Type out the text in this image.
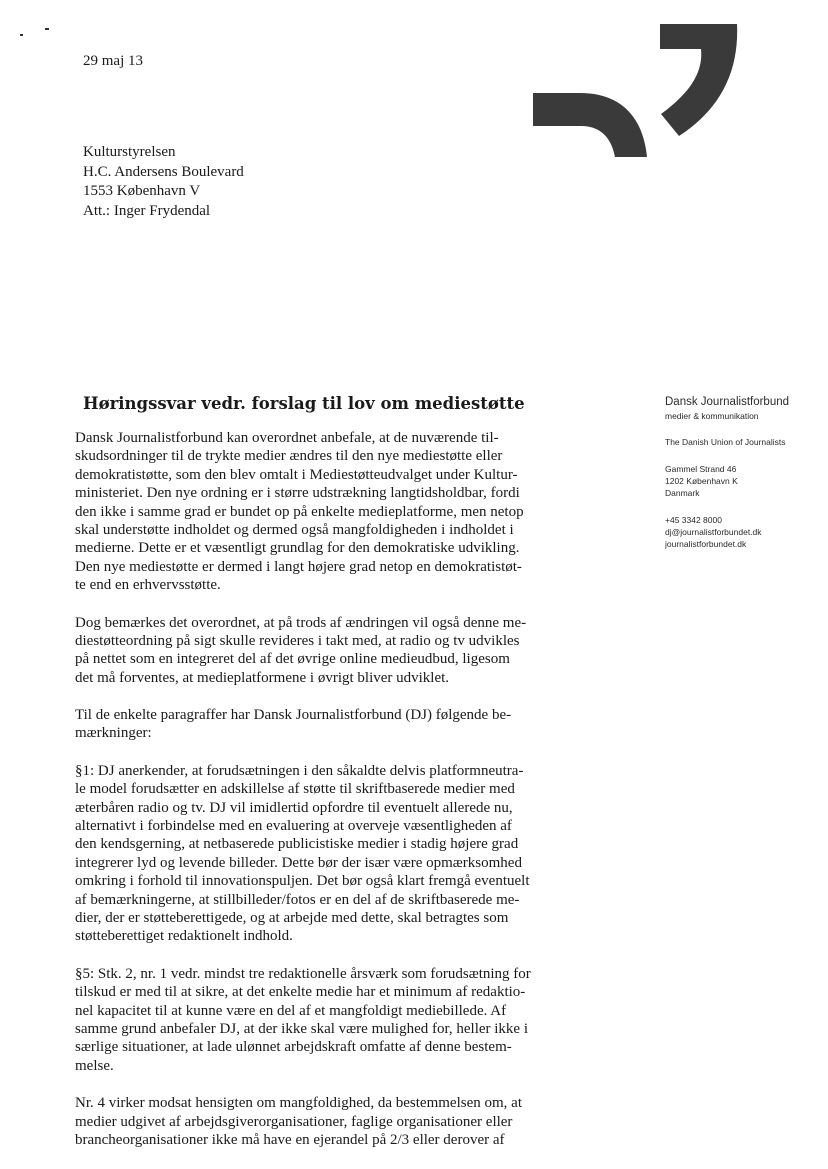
29 maj 13
Kulturstyrelsen
H.C. Andersens Boulevard
1553 København V
Att.: Inger Frydendal
Dansk Journalistforbund
medier & kommunikation
The Danish Union of Journalists
Gammel Strand 46
1202 København K
Danmark
+45 3342 8000
dj@journalistforbundet.dk
journalistforbundet.dk
Høringssvar vedr. forslag til lov om mediestøtte
Dansk Journalistforbund kan overordnet anbefale, at de nuværende til-
skudsordninger til de trykte medier ændres til den nye mediestøtte eller
demokratistøtte, som den blev omtalt i Mediestøtteudvalget under Kultur-
ministeriet. Den nye ordning er i større udstrækning langtidsholdbar, fordi
den ikke i samme grad er bundet op på enkelte medieplatforme, men netop
skal understøtte indholdet og dermed også mangfoldigheden i indholdet i
medierne. Dette er et væsentligt grundlag for den demokratiske udvikling.
Den nye mediestøtte er dermed i langt højere grad netop en demokratistøt-
te end en erhvervsstøtte.
Dog bemærkes det overordnet, at på trods af ændringen vil også denne me-
diestøtteordning på sigt skulle revideres i takt med, at radio og tv udvikles
på nettet som en integreret del af det øvrige online medieudbud, ligesom
det må forventes, at medieplatformene i øvrigt bliver udviklet.
Til de enkelte paragraffer har Dansk Journalistforbund (DJ) følgende be-
mærkninger:
§1: DJ anerkender, at forudsætningen i den såkaldte delvis platformneutra-
le model forudsætter en adskillelse af støtte til skriftbaserede medier med
æterbåren radio og tv. DJ vil imidlertid opfordre til eventuelt allerede nu,
alternativt i forbindelse med en evaluering at overveje væsentligheden af
den kendsgerning, at netbaserede publicistiske medier i stadig højere grad
integrerer lyd og levende billeder. Dette bør der især være opmærksomhed
omkring i forhold til innovationspuljen. Det bør også klart fremgå eventuelt
af bemærkningerne, at stillbilleder/fotos er en del af de skriftbaserede me-
dier, der er støtteberettigede, og at arbejde med dette, skal betragtes som
støtteberettiget redaktionelt indhold.
§5: Stk. 2, nr. 1 vedr. mindst tre redaktionelle årsværk som forudsætning for
tilskud er med til at sikre, at det enkelte medie har et minimum af redaktio-
nel kapacitet til at kunne være en del af et mangfoldigt mediebillede. Af
samme grund anbefaler DJ, at der ikke skal være mulighed for, heller ikke i
særlige situationer, at lade ulønnet arbejdskraft omfatte af denne bestem-
melse.
Nr. 4 virker modsat hensigten om mangfoldighed, da bestemmelsen om, at
medier udgivet af arbejdsgiverorganisationer, faglige organisationer eller
brancheorganisationer ikke må have en ejerandel på 2/3 eller derover af
